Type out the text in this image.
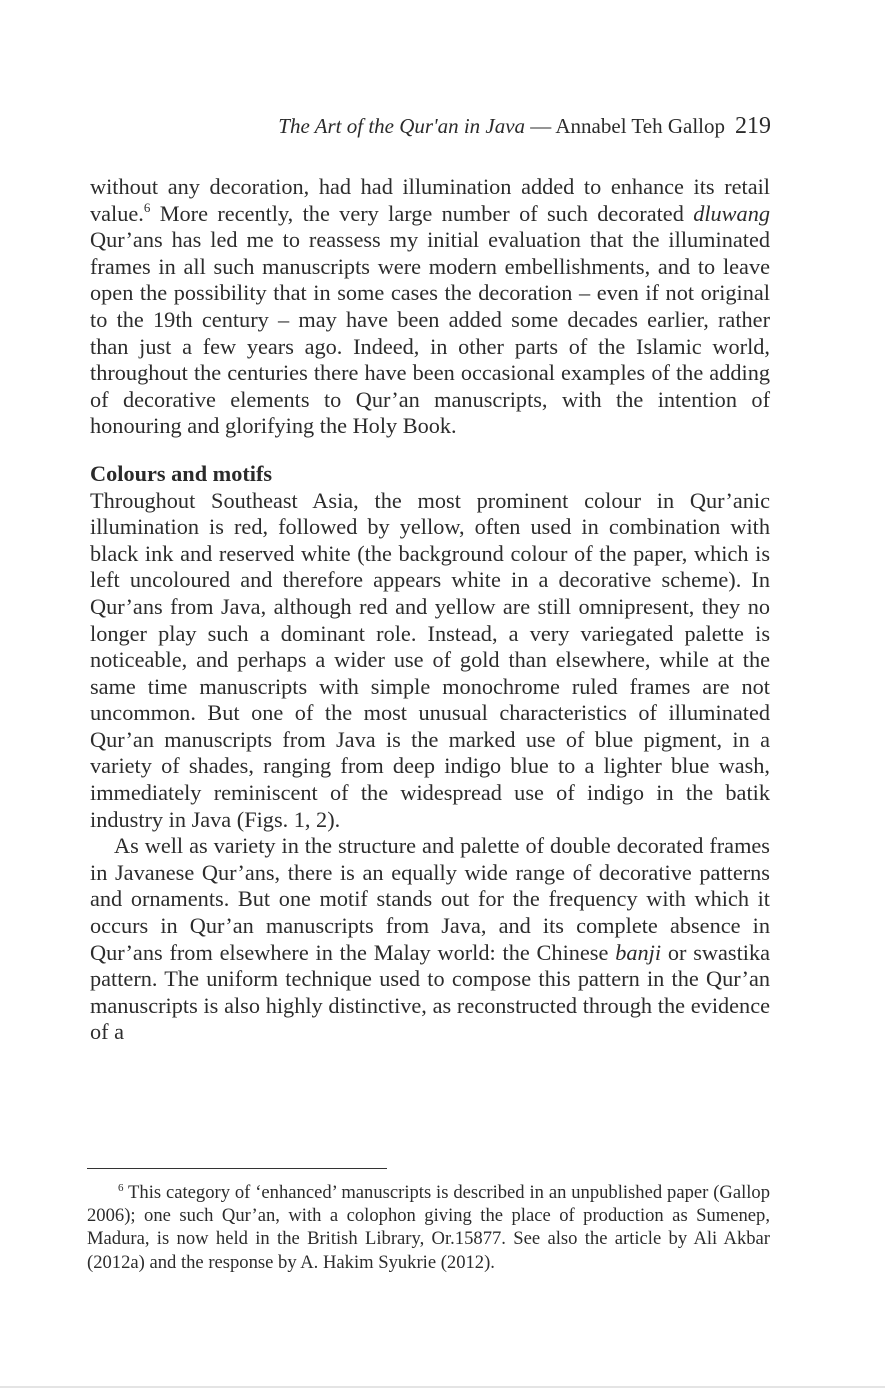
The Art of the Qur'an in Java — Annabel Teh Gallop 219

without any decoration, had had illumination added to enhance its retail value.$^6$ More recently, the very large number of such decorated dluwang Qur’ans has led me to reassess my initial evaluation that the illuminated frames in all such manuscripts were modern embellishments, and to leave open the possibility that in some cases the decoration – even if not original to the 19th century – may have been added some decades earlier, rather than just a few years ago. Indeed, in other parts of the Islamic world, throughout the centuries there have been occasional examples of the adding of decorative elements to Qur’an manuscripts, with the intention of honouring and glorifying the Holy Book.

Colours and motifs

Throughout Southeast Asia, the most prominent colour in Qur’anic illumination is red, followed by yellow, often used in combination with black ink and reserved white (the background colour of the paper, which is left uncoloured and therefore appears white in a decorative scheme). In Qur’ans from Java, although red and yellow are still omnipresent, they no longer play such a dominant role. Instead, a very variegated palette is noticeable, and perhaps a wider use of gold than elsewhere, while at the same time manuscripts with simple monochrome ruled frames are not uncommon. But one of the most unusual characteristics of illuminated Qur’an manuscripts from Java is the marked use of blue pigment, in a variety of shades, ranging from deep indigo blue to a lighter blue wash, immediately reminiscent of the widespread use of indigo in the batik industry in Java (Figs. 1, 2).

As well as variety in the structure and palette of double decorated frames in Javanese Qur’ans, there is an equally wide range of decorative patterns and ornaments. But one motif stands out for the frequency with which it occurs in Qur’an manuscripts from Java, and its complete absence in Qur’ans from elsewhere in the Malay world: the Chinese banji or swastika pattern. The uniform technique used to compose this pattern in the Qur’an manuscripts is also highly distinctive, as reconstructed through the evidence of a

$^6$ This category of ‘enhanced’ manuscripts is described in an unpublished paper (Gallop 2006); one such Qur’an, with a colophon giving the place of production as Sumenep, Madura, is now held in the British Library, Or.15877. See also the article by Ali Akbar (2012a) and the response by A. Hakim Syukrie (2012).
